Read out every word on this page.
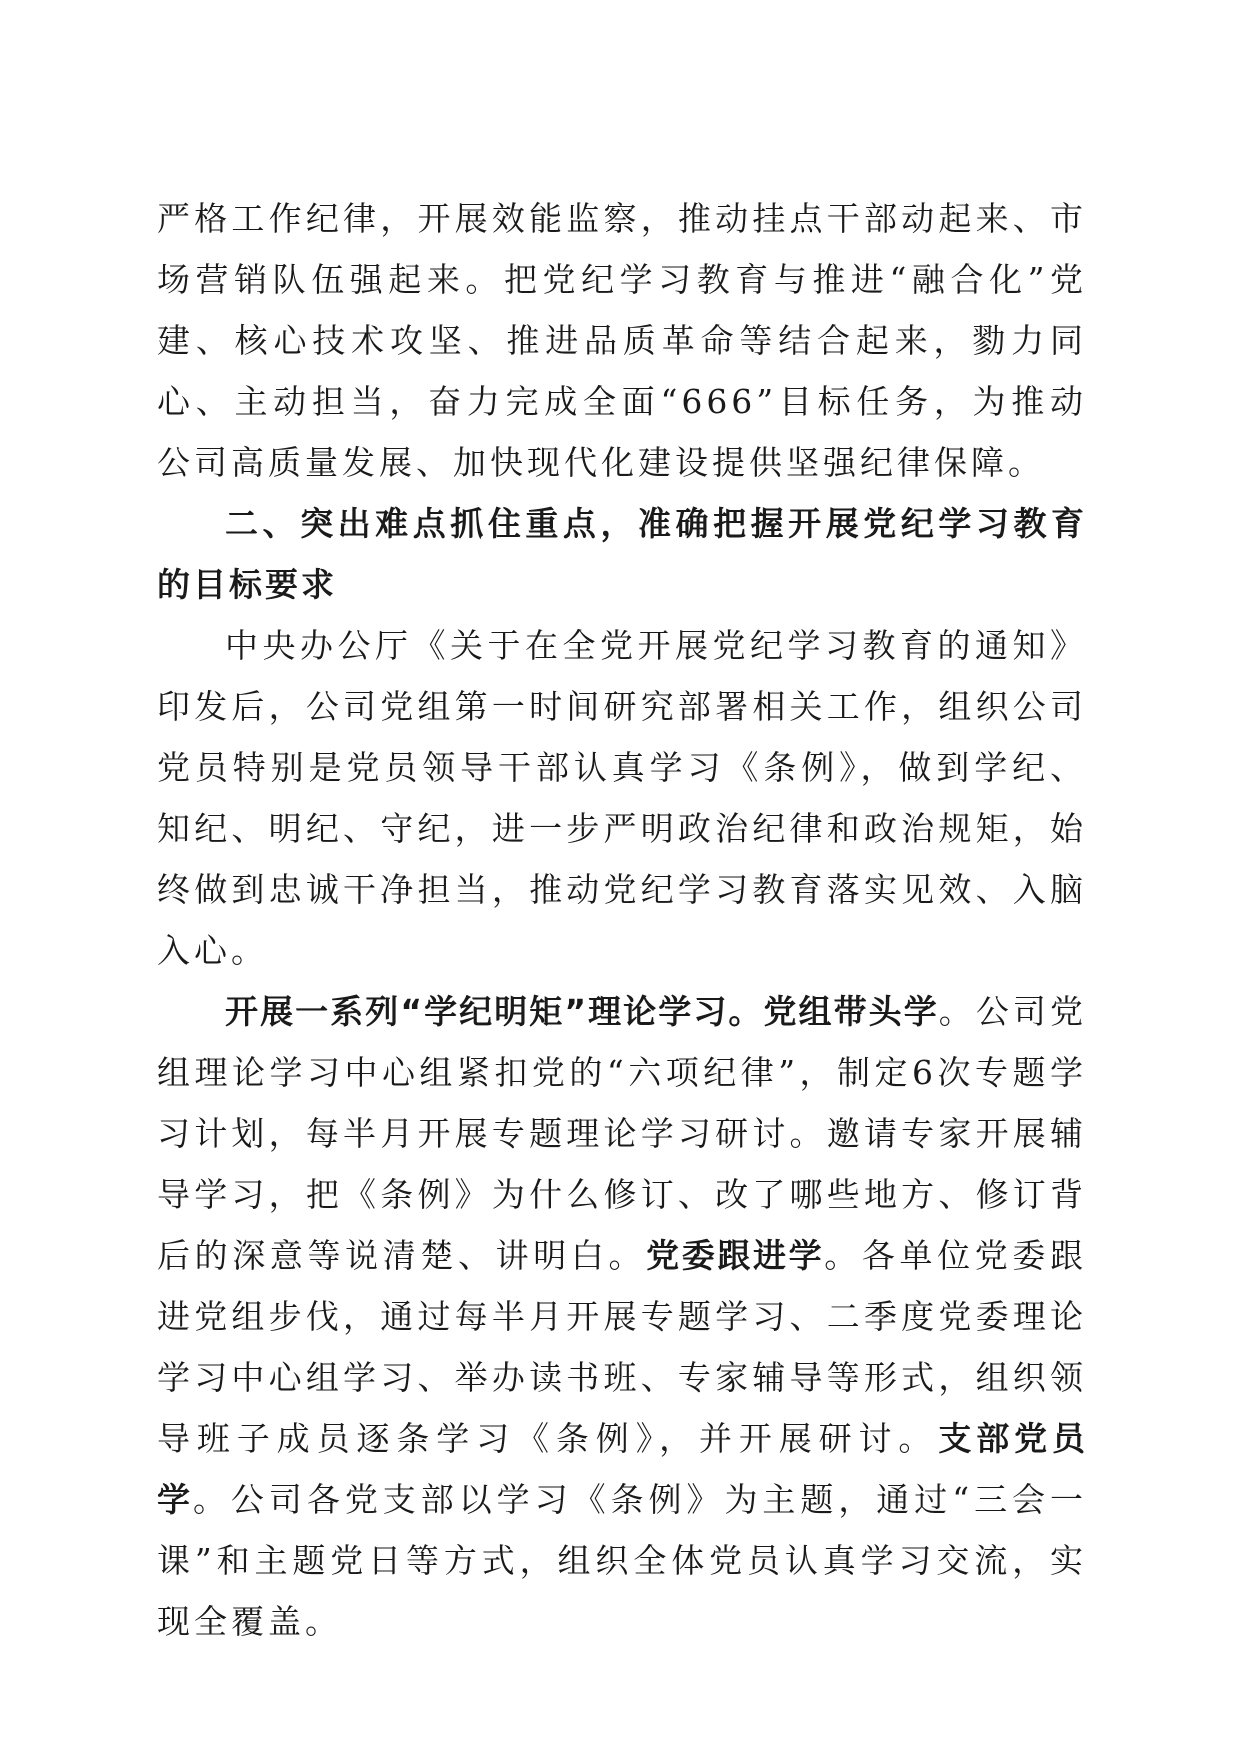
严格工作纪律，开展效能监察，推动挂点干部动起来、市场营销队伍强起来。把党纪学习教育与推进“融合化”党建、核心技术攻坚、推进品质革命等结合起来，勠力同心、主动担当，奋力完成全面“666”目标任务，为推动公司高质量发展、加快现代化建设提供坚强纪律保障。

二、突出难点抓住重点，准确把握开展党纪学习教育的目标要求

中央办公厅《关于在全党开展党纪学习教育的通知》印发后，公司党组第一时间研究部署相关工作，组织公司党员特别是党员领导干部认真学习《条例》，做到学纪、知纪、明纪、守纪，进一步严明政治纪律和政治规矩，始终做到忠诚干净担当，推动党纪学习教育落实见效、入脑入心。

开展一系列“学纪明矩”理论学习。党组带头学。公司党组理论学习中心组紧扣党的“六项纪律”，制定6次专题学习计划，每半月开展专题理论学习研讨。邀请专家开展辅导学习，把《条例》为什么修订、改了哪些地方、修订背后的深意等说清楚、讲明白。党委跟进学。各单位党委跟进党组步伐，通过每半月开展专题学习、二季度党委理论学习中心组学习、举办读书班、专家辅导等形式，组织领导班子成员逐条学习《条例》，并开展研讨。支部党员学。公司各党支部以学习《条例》为主题，通过“三会一课”和主题党日等方式，组织全体党员认真学习交流，实现全覆盖。
